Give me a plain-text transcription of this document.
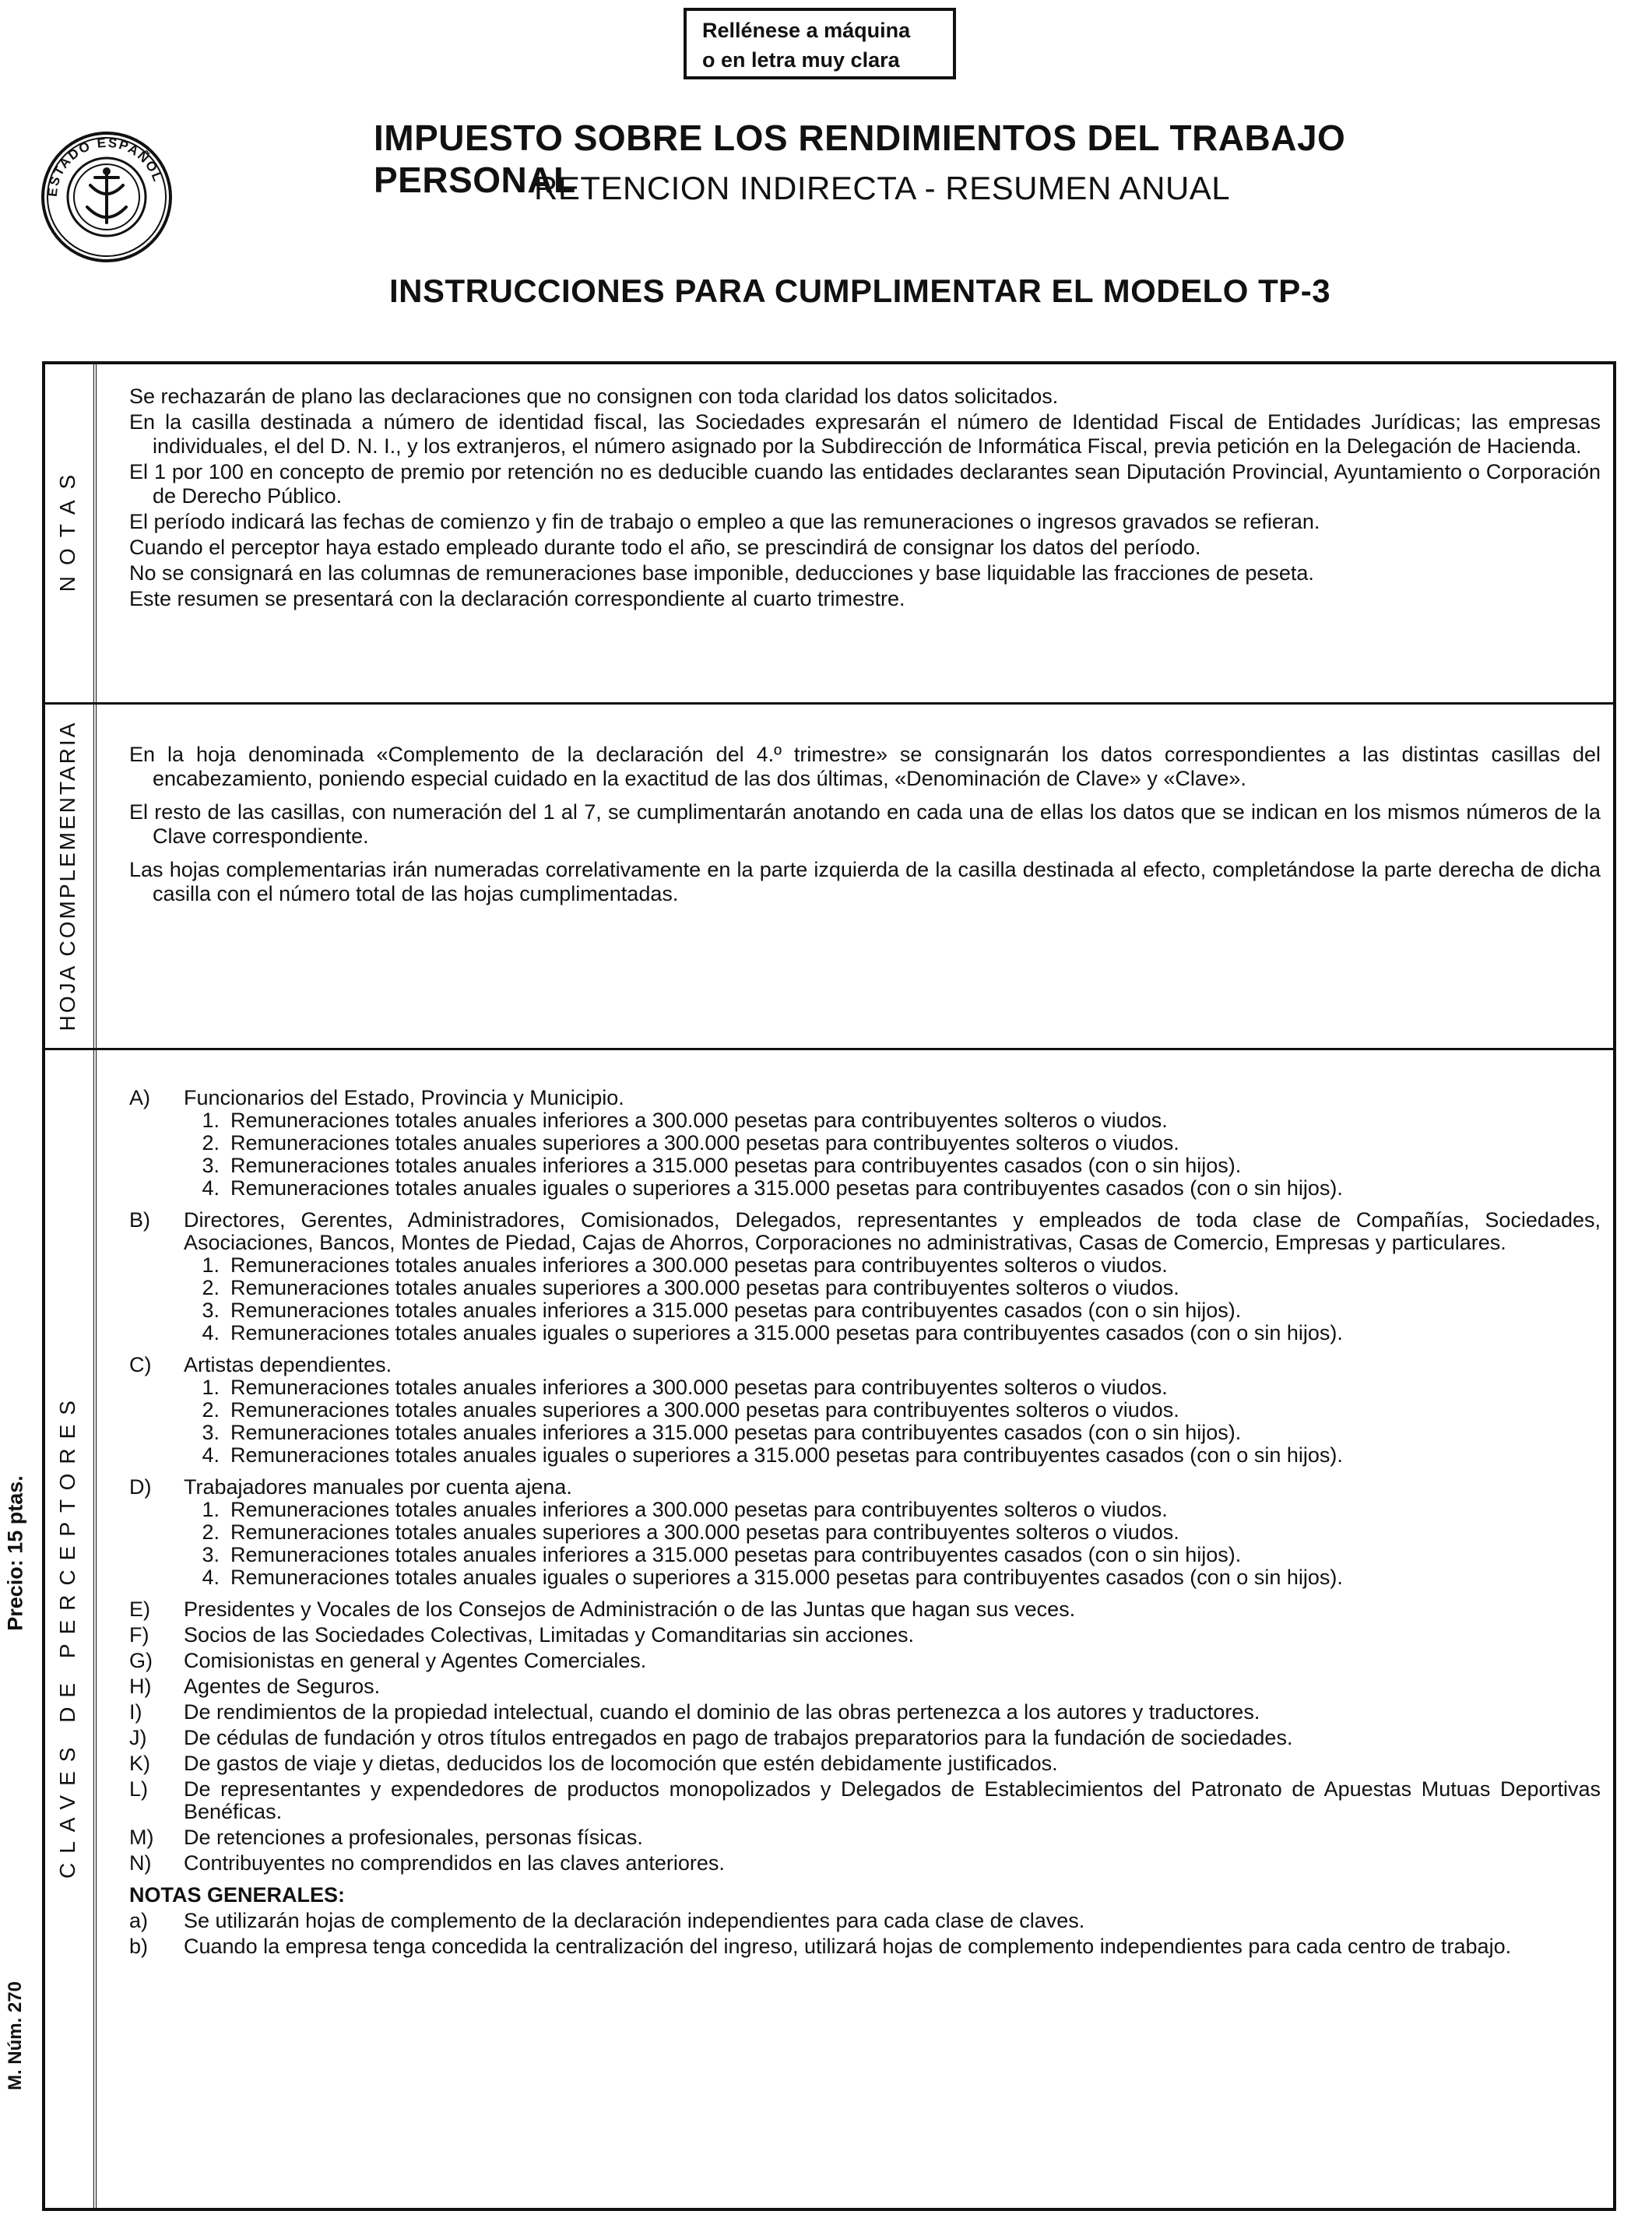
Rellénese a máquina
o en letra muy clara
ESTADO ESPAÑOL
IMPUESTO SOBRE LOS RENDIMIENTOS DEL TRABAJO PERSONAL
RETENCION INDIRECTA - RESUMEN ANUAL
INSTRUCCIONES PARA CUMPLIMENTAR EL MODELO TP-3
NOTAS
HOJA COMPLEMENTARIA
CLAVES DE PERCEPTORES

Se rechazarán de plano las declaraciones que no consignen con toda claridad los datos solicitados.

En la casilla destinada a número de identidad fiscal, las Sociedades expresarán el número de Identidad Fiscal de Entidades Jurídicas; las empresas individuales, el del D. N. I., y los extranjeros, el número asignado por la Subdirección de Informática Fiscal, previa petición en la Delegación de Hacienda.

El 1 por 100 en concepto de premio por retención no es deducible cuando las entidades declarantes sean Diputación Provincial, Ayuntamiento o Corporación de Derecho Público.

El período indicará las fechas de comienzo y fin de trabajo o empleo a que las remuneraciones o ingresos gravados se refieran.

Cuando el perceptor haya estado empleado durante todo el año, se prescindirá de consignar los datos del período.

No se consignará en las columnas de remuneraciones base imponible, deducciones y base liquidable las fracciones de peseta.

Este resumen se presentará con la declaración correspondiente al cuarto trimestre.

En la hoja denominada «Complemento de la declaración del 4.º trimestre» se consignarán los datos correspondientes a las distintas casillas del encabezamiento, poniendo especial cuidado en la exactitud de las dos últimas, «Denominación de Clave» y «Clave».

El resto de las casillas, con numeración del 1 al 7, se cumplimentarán anotando en cada una de ellas los datos que se indican en los mismos números de la Clave correspondiente.

Las hojas complementarias irán numeradas correlativamente en la parte izquierda de la casilla destinada al efecto, completándose la parte derecha de dicha casilla con el número total de las hojas cumplimentadas.

A)	Funcionarios del Estado, Provincia y Municipio.
1. Remuneraciones totales anuales inferiores a 300.000 pesetas para contribuyentes solteros o viudos.
2. Remuneraciones totales anuales superiores a 300.000 pesetas para contribuyentes solteros o viudos.
3. Remuneraciones totales anuales inferiores a 315.000 pesetas para contribuyentes casados (con o sin hijos).
4. Remuneraciones totales anuales iguales o superiores a 315.000 pesetas para contribuyentes casados (con o sin hijos).
B)	Directores, Gerentes, Administradores, Comisionados, Delegados, representantes y empleados de toda clase de Compañías, Sociedades, Asociaciones, Bancos, Montes de Piedad, Cajas de Ahorros, Corporaciones no administrativas, Casas de Comercio, Empresas y particulares.
1. Remuneraciones totales anuales inferiores a 300.000 pesetas para contribuyentes solteros o viudos.
2. Remuneraciones totales anuales superiores a 300.000 pesetas para contribuyentes solteros o viudos.
3. Remuneraciones totales anuales inferiores a 315.000 pesetas para contribuyentes casados (con o sin hijos).
4. Remuneraciones totales anuales iguales o superiores a 315.000 pesetas para contribuyentes casados (con o sin hijos).
C)	Artistas dependientes.
1. Remuneraciones totales anuales inferiores a 300.000 pesetas para contribuyentes solteros o viudos.
2. Remuneraciones totales anuales superiores a 300.000 pesetas para contribuyentes solteros o viudos.
3. Remuneraciones totales anuales inferiores a 315.000 pesetas para contribuyentes casados (con o sin hijos).
4. Remuneraciones totales anuales iguales o superiores a 315.000 pesetas para contribuyentes casados (con o sin hijos).
D)	Trabajadores manuales por cuenta ajena.
1. Remuneraciones totales anuales inferiores a 300.000 pesetas para contribuyentes solteros o viudos.
2. Remuneraciones totales anuales superiores a 300.000 pesetas para contribuyentes solteros o viudos.
3. Remuneraciones totales anuales inferiores a 315.000 pesetas para contribuyentes casados (con o sin hijos).
4. Remuneraciones totales anuales iguales o superiores a 315.000 pesetas para contribuyentes casados (con o sin hijos).
E)	Presidentes y Vocales de los Consejos de Administración o de las Juntas que hagan sus veces.
F)	Socios de las Sociedades Colectivas, Limitadas y Comanditarias sin acciones.
G)	Comisionistas en general y Agentes Comerciales.
H)	Agentes de Seguros.
I)	De rendimientos de la propiedad intelectual, cuando el dominio de las obras pertenezca a los autores y traductores.
J)	De cédulas de fundación y otros títulos entregados en pago de trabajos preparatorios para la fundación de sociedades.
K)	De gastos de viaje y dietas, deducidos los de locomoción que estén debidamente justificados.
L)	De representantes y expendedores de productos monopolizados y Delegados de Establecimientos del Patronato de Apuestas Mutuas Deportivas Benéficas.
M)	De retenciones a profesionales, personas físicas.
N)	Contribuyentes no comprendidos en las claves anteriores.
NOTAS GENERALES:
a)	Se utilizarán hojas de complemento de la declaración independientes para cada clase de claves.
b)	Cuando la empresa tenga concedida la centralización del ingreso, utilizará hojas de complemento independientes para cada centro de trabajo.
Precio: 15 ptas.
M. Núm. 270
